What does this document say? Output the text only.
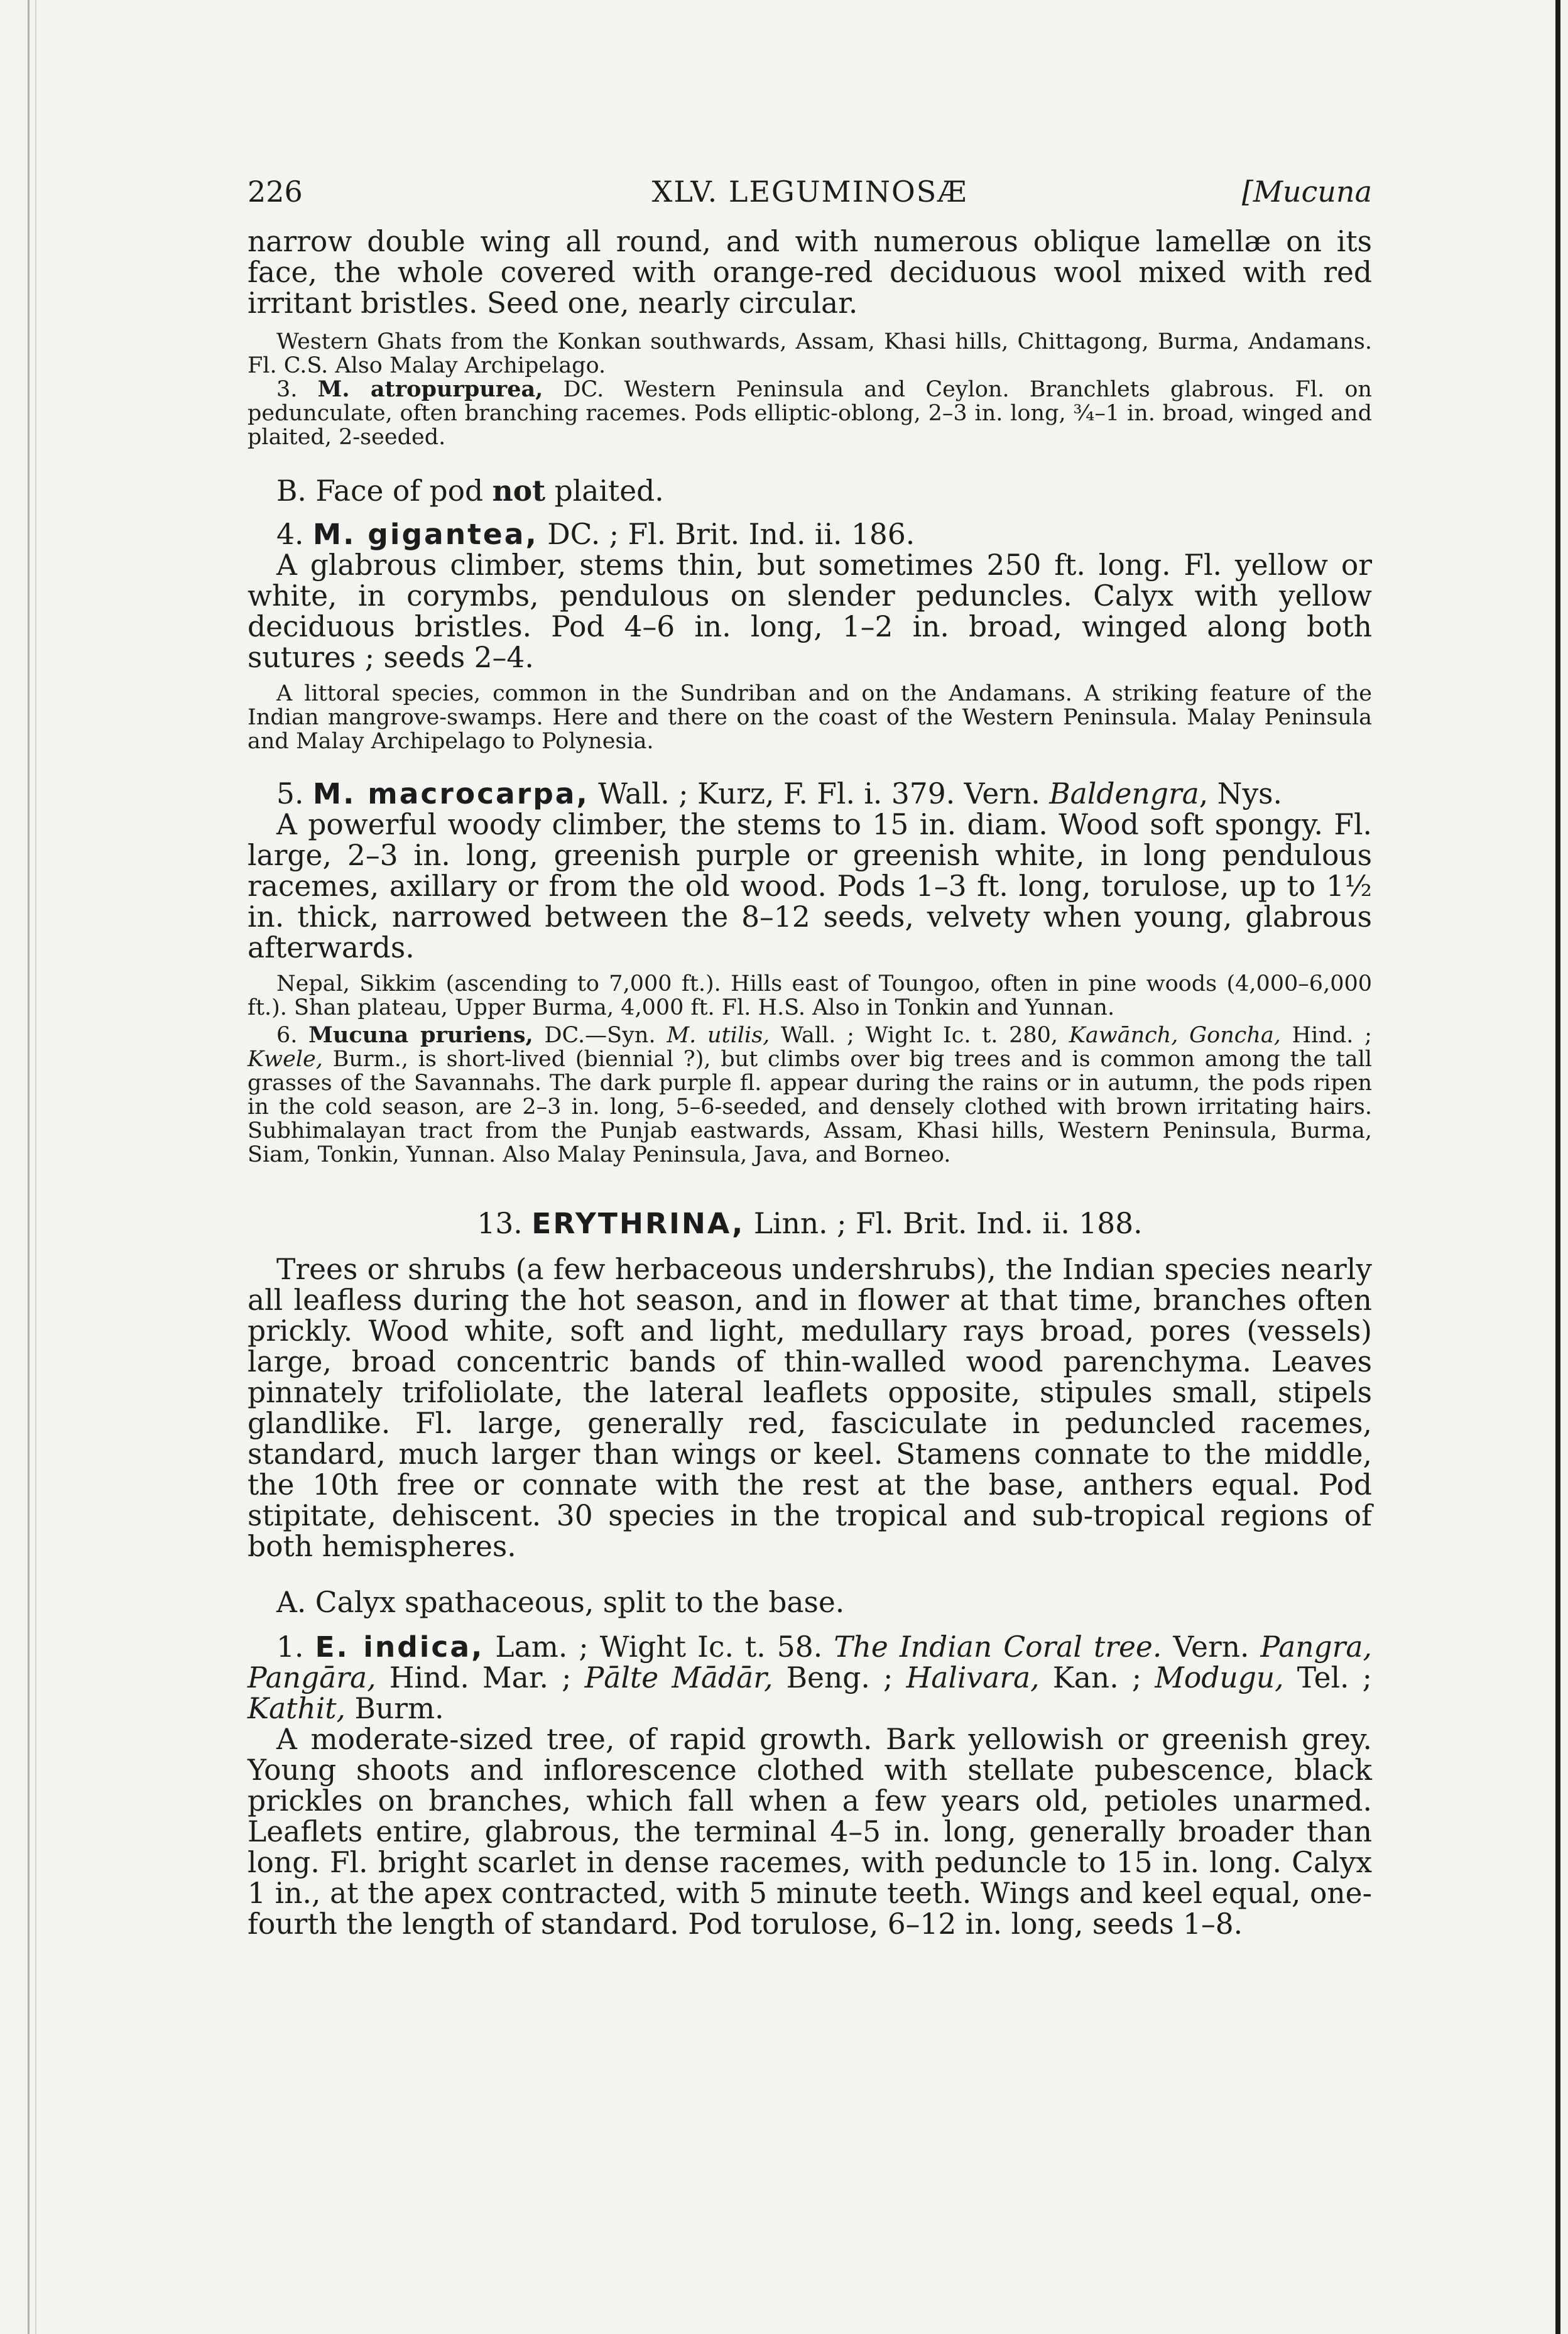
226	XLV. LEGUMINOSÆ	[Mucuna

narrow double wing all round, and with numerous oblique lamellæ on its face, the whole covered with orange-red deciduous wool mixed with red irritant bristles. Seed one, nearly circular.

Western Ghats from the Konkan southwards, Assam, Khasi hills, Chittagong, Burma, Andamans. Fl. C.S. Also Malay Archipelago.

3. M. atropurpurea, DC. Western Peninsula and Ceylon. Branchlets glabrous. Fl. on pedunculate, often branching racemes. Pods elliptic-oblong, 2–3 in. long, ¾–1 in. broad, winged and plaited, 2-seeded.

B. Face of pod not plaited.

4. M. gigantea, DC. ; Fl. Brit. Ind. ii. 186.

A glabrous climber, stems thin, but sometimes 250 ft. long. Fl. yellow or white, in corymbs, pendulous on slender peduncles. Calyx with yellow deciduous bristles. Pod 4–6 in. long, 1–2 in. broad, winged along both sutures ; seeds 2–4.

A littoral species, common in the Sundriban and on the Andamans. A striking feature of the Indian mangrove-swamps. Here and there on the coast of the Western Peninsula. Malay Peninsula and Malay Archipelago to Polynesia.

5. M. macrocarpa, Wall. ; Kurz, F. Fl. i. 379. Vern. Baldengra, Nys.

A powerful woody climber, the stems to 15 in. diam. Wood soft spongy. Fl. large, 2–3 in. long, greenish purple or greenish white, in long pendulous racemes, axillary or from the old wood. Pods 1–3 ft. long, torulose, up to 1½ in. thick, narrowed between the 8–12 seeds, velvety when young, glabrous afterwards.

Nepal, Sikkim (ascending to 7,000 ft.). Hills east of Toungoo, often in pine woods (4,000–6,000 ft.). Shan plateau, Upper Burma, 4,000 ft. Fl. H.S. Also in Tonkin and Yunnan.

6. Mucuna pruriens, DC.—Syn. M. utilis, Wall. ; Wight Ic. t. 280, Kawānch, Goncha, Hind. ; Kwele, Burm., is short-lived (biennial ?), but climbs over big trees and is common among the tall grasses of the Savannahs. The dark purple fl. appear during the rains or in autumn, the pods ripen in the cold season, are 2–3 in. long, 5–6-seeded, and densely clothed with brown irritating hairs. Subhimalayan tract from the Punjab eastwards, Assam, Khasi hills, Western Peninsula, Burma, Siam, Tonkin, Yunnan. Also Malay Peninsula, Java, and Borneo.

13. ERYTHRINA, Linn. ; Fl. Brit. Ind. ii. 188.

Trees or shrubs (a few herbaceous undershrubs), the Indian species nearly all leafless during the hot season, and in flower at that time, branches often prickly. Wood white, soft and light, medullary rays broad, pores (vessels) large, broad concentric bands of thin-walled wood parenchyma. Leaves pinnately trifoliolate, the lateral leaflets opposite, stipules small, stipels glandlike. Fl. large, generally red, fasciculate in peduncled racemes, standard, much larger than wings or keel. Stamens connate to the middle, the 10th free or connate with the rest at the base, anthers equal. Pod stipitate, dehiscent. 30 species in the tropical and sub-tropical regions of both hemispheres.

A. Calyx spathaceous, split to the base.

1. E. indica, Lam. ; Wight Ic. t. 58. The Indian Coral tree. Vern. Pangra, Pangāra, Hind. Mar. ; Pālte Mādār, Beng. ; Halivara, Kan. ; Modugu, Tel. ; Kathit, Burm.

A moderate-sized tree, of rapid growth. Bark yellowish or greenish grey. Young shoots and inflorescence clothed with stellate pubescence, black prickles on branches, which fall when a few years old, petioles unarmed. Leaflets entire, glabrous, the terminal 4–5 in. long, generally broader than long. Fl. bright scarlet in dense racemes, with peduncle to 15 in. long. Calyx 1 in., at the apex contracted, with 5 minute teeth. Wings and keel equal, one-fourth the length of standard. Pod torulose, 6–12 in. long, seeds 1–8.
